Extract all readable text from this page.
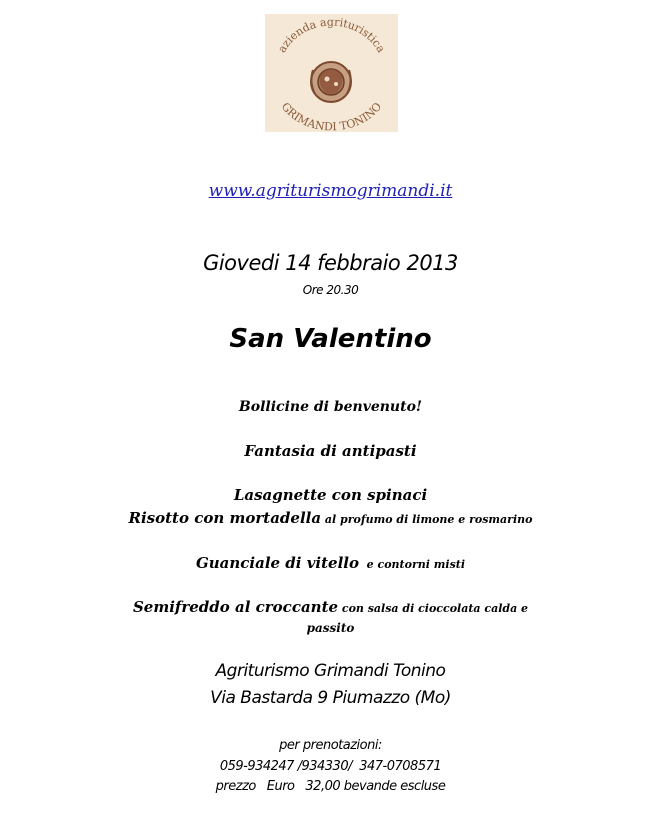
azienda agrituristica
GRIMANDI TONINO
www.agriturismogrimandi.it
Giovedi 14 febbraio 2013
Ore 20.30
San Valentino
Bollicine di benvenuto!
Fantasia di antipasti
Lasagnette con spinaci
Risotto con mortadella al profumo di limone e rosmarino
Guanciale di vitello  e contorni misti
Semifreddo al croccante con salsa di cioccolata calda e
passito
Agriturismo Grimandi Tonino
Via Bastarda 9 Piumazzo (Mo)
per prenotazioni:
059-934247 /934330/  347-0708571
prezzo   Euro   32,00 bevande escluse
